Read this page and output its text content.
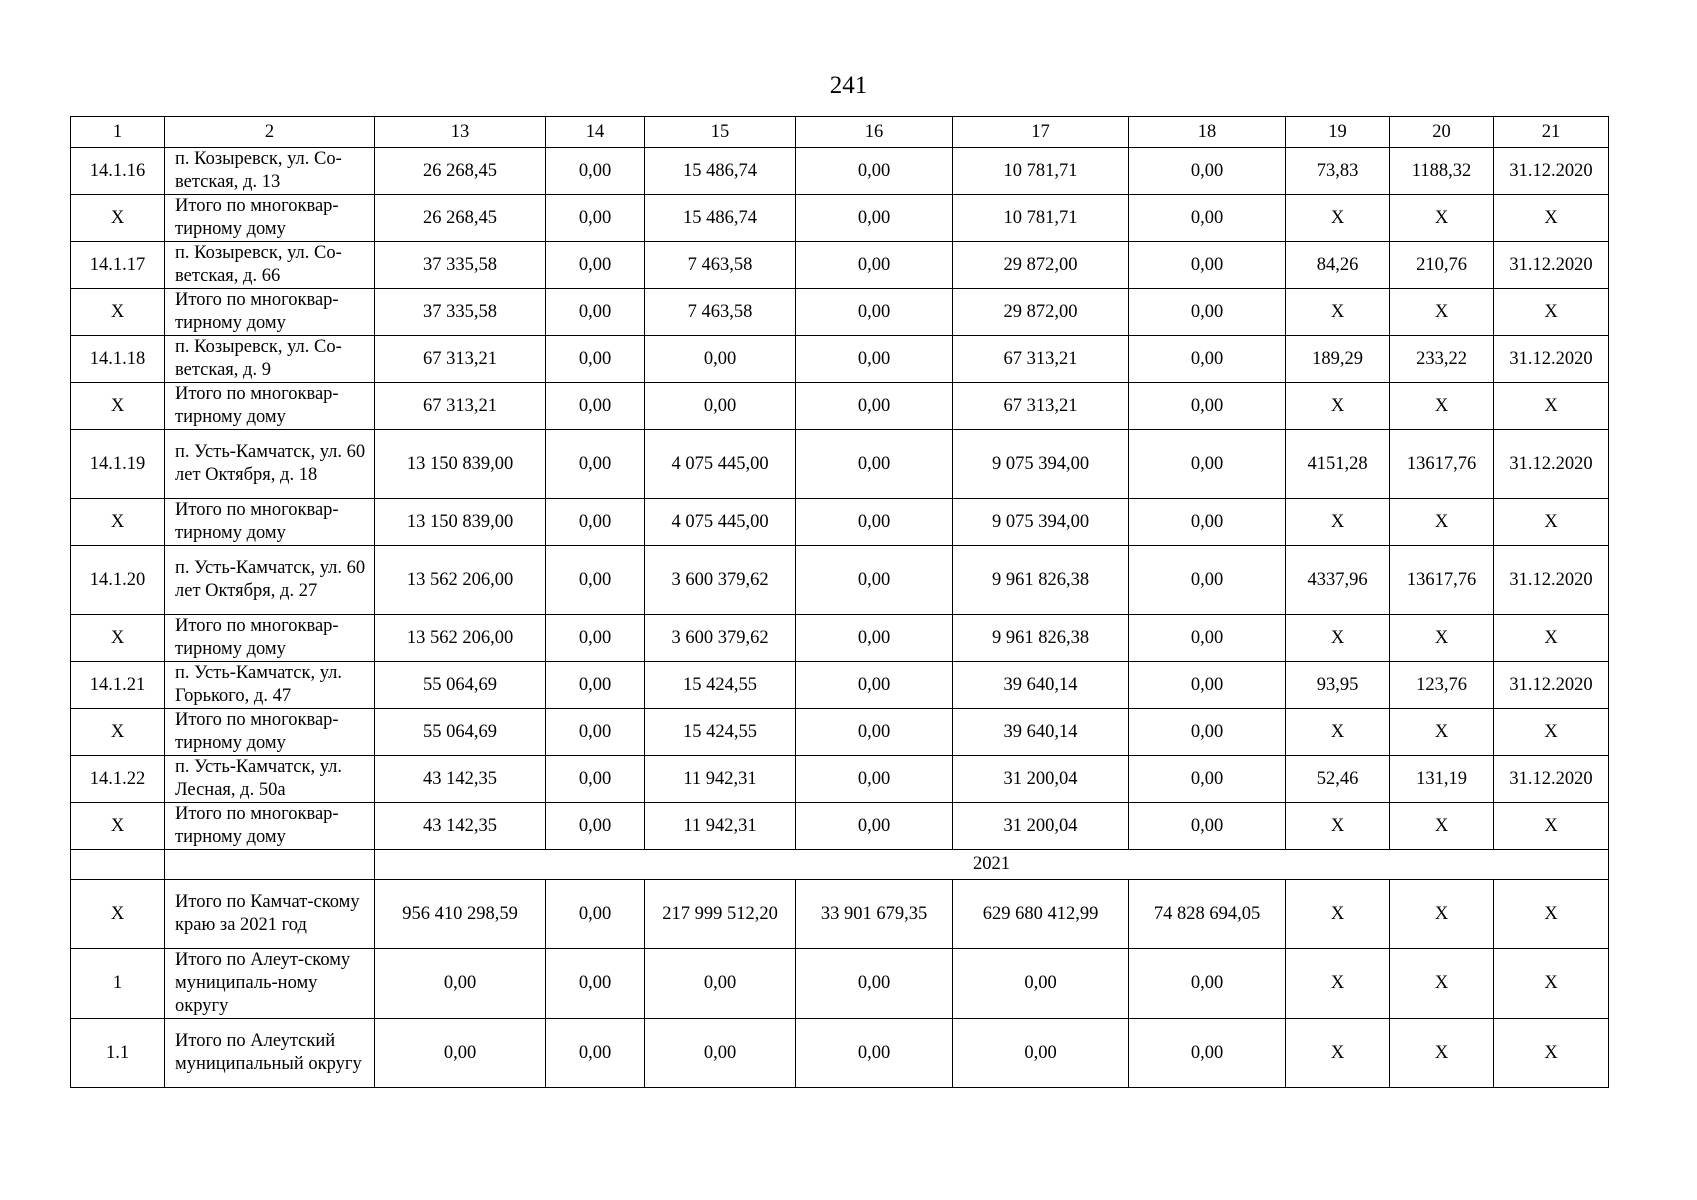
241
1	2	13	14	15	16	17	18	19	20	21
14.1.16	п. Козыревск, ул. Со-ветская, д. 13	26 268,45	0,00	15 486,74	0,00	10 781,71	0,00	73,83	1188,32	31.12.2020
Х	Итого по многоквар-тирному дому	26 268,45	0,00	15 486,74	0,00	10 781,71	0,00	Х	Х	Х
14.1.17	п. Козыревск, ул. Со-ветская, д. 66	37 335,58	0,00	7 463,58	0,00	29 872,00	0,00	84,26	210,76	31.12.2020
Х	Итого по многоквар-тирному дому	37 335,58	0,00	7 463,58	0,00	29 872,00	0,00	Х	Х	Х
14.1.18	п. Козыревск, ул. Со-ветская, д. 9	67 313,21	0,00	0,00	0,00	67 313,21	0,00	189,29	233,22	31.12.2020
Х	Итого по многоквар-тирному дому	67 313,21	0,00	0,00	0,00	67 313,21	0,00	Х	Х	Х
14.1.19	п. Усть-Камчатск, ул. 60 лет Октября, д. 18	13 150 839,00	0,00	4 075 445,00	0,00	9 075 394,00	0,00	4151,28	13617,76	31.12.2020
Х	Итого по многоквар-тирному дому	13 150 839,00	0,00	4 075 445,00	0,00	9 075 394,00	0,00	Х	Х	Х
14.1.20	п. Усть-Камчатск, ул. 60 лет Октября, д. 27	13 562 206,00	0,00	3 600 379,62	0,00	9 961 826,38	0,00	4337,96	13617,76	31.12.2020
Х	Итого по многоквар-тирному дому	13 562 206,00	0,00	3 600 379,62	0,00	9 961 826,38	0,00	Х	Х	Х
14.1.21	п. Усть-Камчатск, ул. Горького, д. 47	55 064,69	0,00	15 424,55	0,00	39 640,14	0,00	93,95	123,76	31.12.2020
Х	Итого по многоквар-тирному дому	55 064,69	0,00	15 424,55	0,00	39 640,14	0,00	Х	Х	Х
14.1.22	п. Усть-Камчатск, ул. Лесная, д. 50а	43 142,35	0,00	11 942,31	0,00	31 200,04	0,00	52,46	131,19	31.12.2020
Х	Итого по многоквар-тирному дому	43 142,35	0,00	11 942,31	0,00	31 200,04	0,00	Х	Х	Х
		2021								
Х	Итого по Камчат-скому краю за 2021 год	956 410 298,59	0,00	217 999 512,20	33 901 679,35	629 680 412,99	74 828 694,05	Х	Х	Х
1	Итого по Алеут-скому муниципаль-ному округу	0,00	0,00	0,00	0,00	0,00	0,00	Х	Х	Х
1.1	Итого по Алеутский муниципальный округу	0,00	0,00	0,00	0,00	0,00	0,00	Х	Х	Х
